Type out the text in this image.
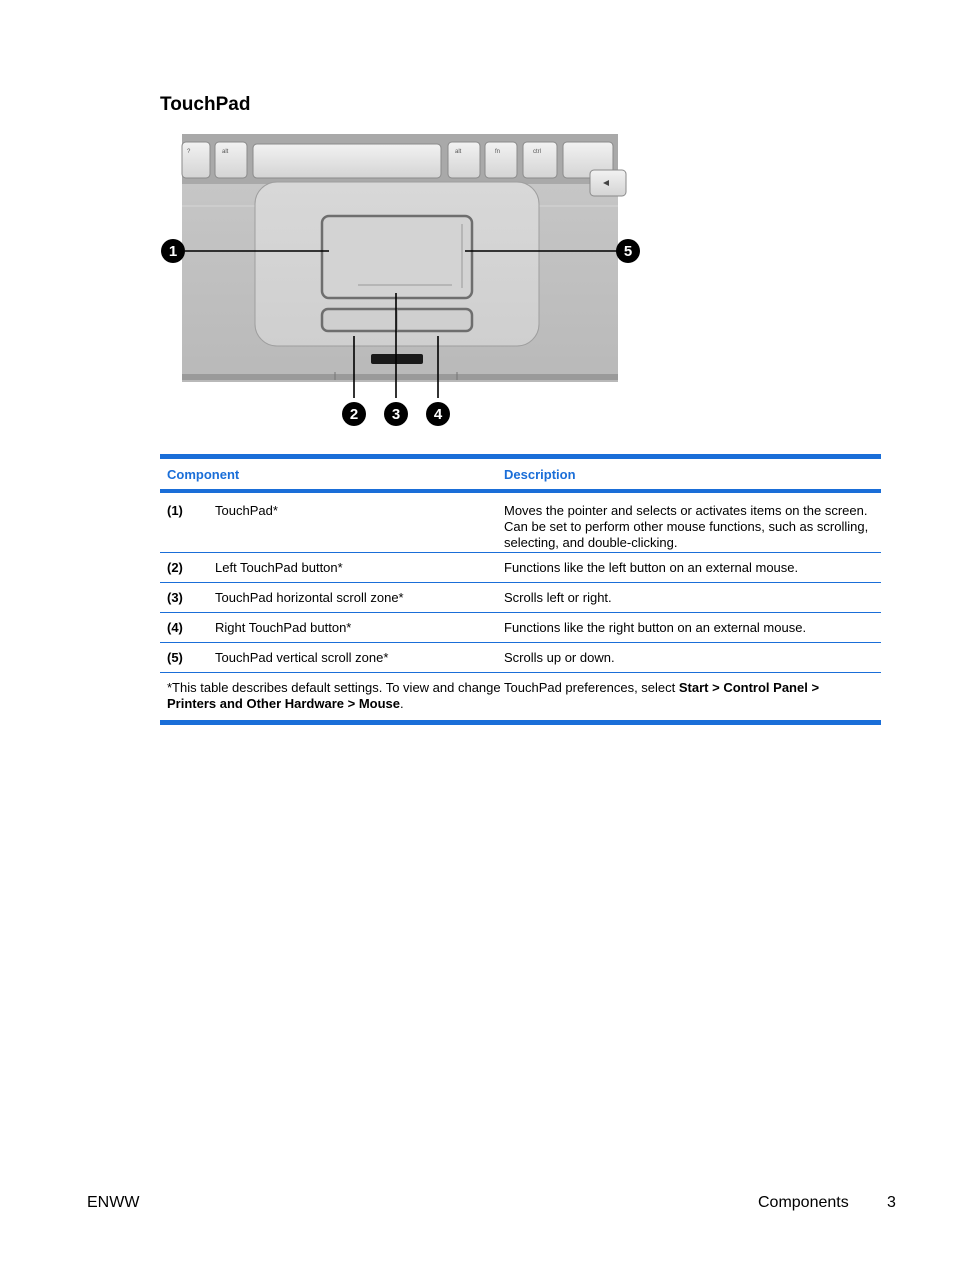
TouchPad
?	alt	alt	fn	ctrl
1	5
2 3 4
Component	Description
(1)	TouchPad*	Moves the pointer and selects or activates items on the screen. Can be set to perform other mouse functions, such as scrolling, selecting, and double-clicking.
(2)	Left TouchPad button*	Functions like the left button on an external mouse.
(3)	TouchPad horizontal scroll zone*	Scrolls left or right.
(4)	Right TouchPad button*	Functions like the right button on an external mouse.
(5)	TouchPad vertical scroll zone*	Scrolls up or down.
*This table describes default settings. To view and change TouchPad preferences, select Start > Control Panel > Printers and Other Hardware > Mouse.
ENWW	Components 3
